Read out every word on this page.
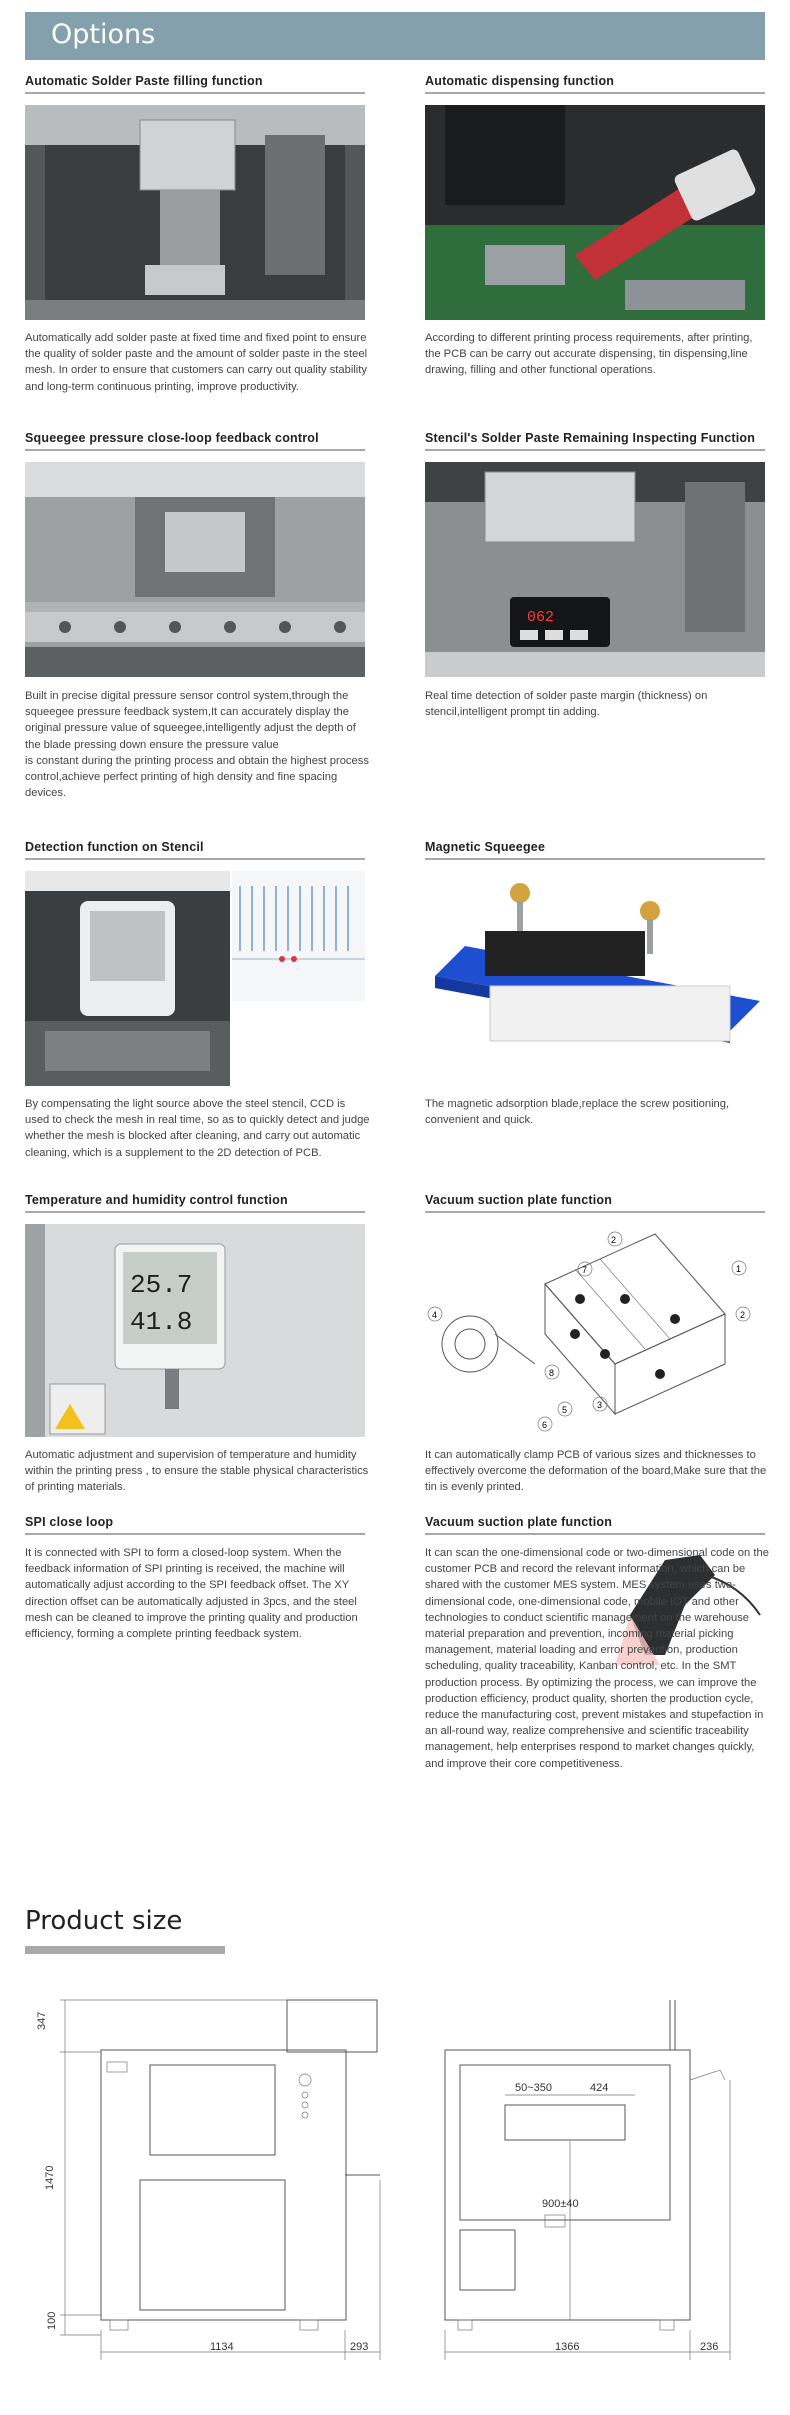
Options
Automatic Solder Paste filling function

Automatically add solder paste at fixed time and fixed point to ensure the quality of solder paste and the amount of solder paste in the steel mesh. In order to ensure that customers can carry out quality stability and long-term continuous printing, improve productivity.

Automatic dispensing function

According to different printing process requirements, after printing, the PCB can be carry out accurate dispensing, tin dispensing,line drawing, filling and other functional operations.

Squeegee pressure close-loop feedback control

Built in precise digital pressure sensor control system,through the squeegee pressure feedback system,It can accurately display the original pressure value of squeegee,intelligently adjust the depth of the blade pressing down ensure the pressure value

is constant during the printing process and obtain the highest process control,achieve perfect printing of high density and fine spacing devices.

Stencil's Solder Paste Remaining Inspecting Function
062

Real time detection of solder paste margin (thickness) on stencil,intelligent prompt tin adding.

Detection function on Stencil

By compensating the light source above the steel stencil, CCD is used to check the mesh in real time, so as to quickly detect and judge whether the mesh is blocked after cleaning, and carry out automatic cleaning, which is a supplement to the 2D detection of PCB.

Magnetic Squeegee

The magnetic adsorption blade,replace the screw positioning, convenient and quick.

Temperature and humidity control function
25.7
41.8

Automatic adjustment and supervision of temperature and humidity within the printing press , to ensure the stable physical characteristics of printing materials.

Vacuum suction plate function
2
1
2
3
4
5
6
7
8

It can automatically clamp PCB of various sizes and thicknesses to effectively overcome the deformation of the board,Make sure that the tin is evenly printed.

SPI close loop

It is connected with SPI to form a closed-loop system. When the feedback information of SPI printing is received, the machine will automatically adjust according to the SPI feedback offset. The XY direction offset can be automatically adjusted in 3pcs, and the steel mesh can be cleaned to improve the printing quality and production efficiency, forming a complete printing feedback system.

Vacuum suction plate function

It can scan the one-dimensional code or two-dimensional code on the customer PCB and record the relevant information, which can be shared with the customer MES system. MES system uses two-dimensional code, one-dimensional code, mobile IOT and other technologies to conduct scientific management on the warehouse material preparation and prevention, incoming material picking management, material loading and error prevention, production scheduling, quality traceability, Kanban control, etc. In the SMT production process. By optimizing the process, we can improve the production efficiency, product quality, shorten the production cycle, reduce the manufacturing cost, prevent mistakes and stupefaction in an all-round way, realize comprehensive and scientific traceability management, help enterprises respond to market changes quickly, and improve their core competitiveness.

Product size
347
1470
100
1134	293
50~350	424
900±40
1366	236
